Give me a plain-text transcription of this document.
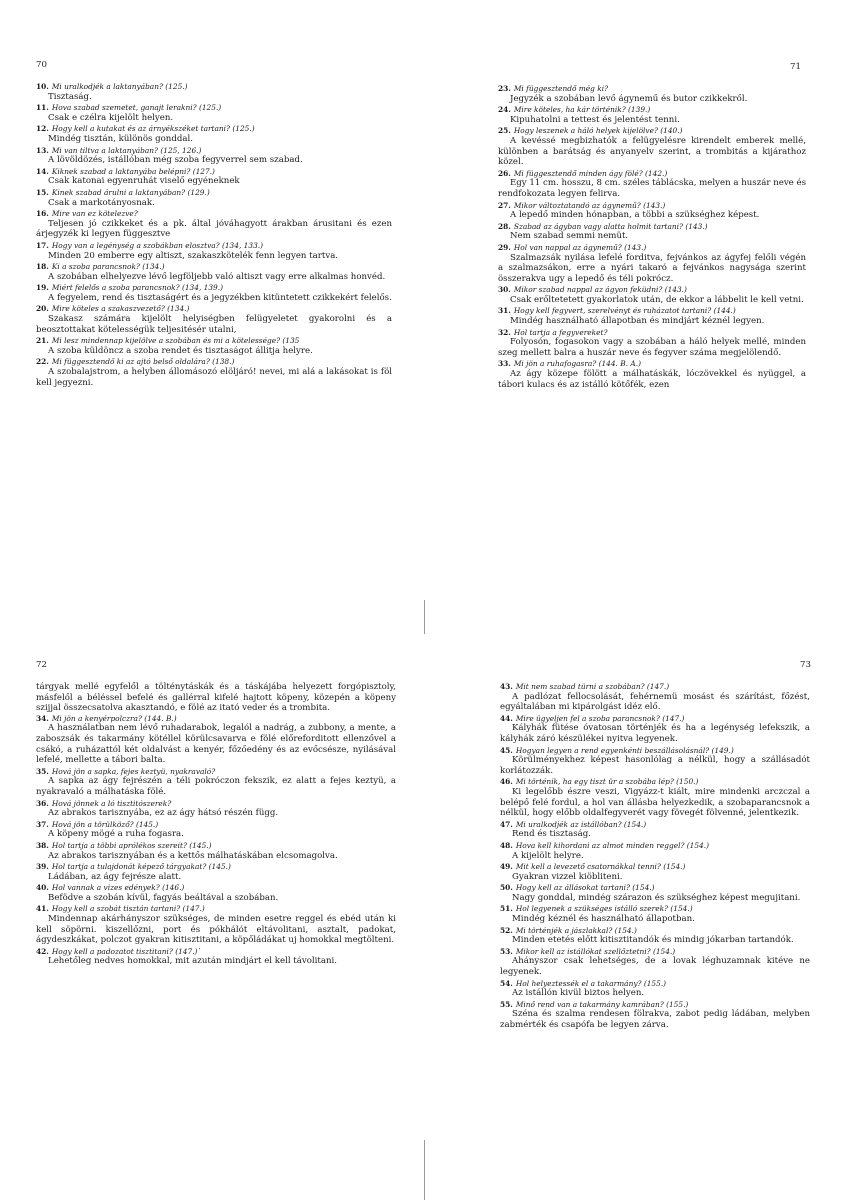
70	71
72	73

10. Mi uralkodjék a laktanyában? (125.)

Tisztaság.

11. Hova szabad szemetet, ganajt lerakni? (125.)

Csak e czélra kijelölt helyen.

12. Hogy kell a kutakat és az árnyékszéket tartani? (125.)

Mindég tisztán, különös gonddal.

13. Mi van tiltva a laktanyában? (125, 126.)

A lövöldözés, istállóban még szoba fegyverrel sem szabad.

14. Kiknek szabad a laktanyába belépni? (127.)

Csak katonai egyenruhát viselő egyéneknek

15. Kinek szabad árulni a laktanyában? (129.)

Csak a markotányosnak.

16. Mire van ez kötelezve?

Teljesen jó czikkeket és a pk. által jóváhagyott árakban árusitani és ezen árjegyzék ki legyen függesztve

17. Hogy van a legénység a szobákban elosztva? (134, 133.)

Minden 20 emberre egy altiszt, szakaszkötelék fenn legyen tartva.

18. Ki a szoba parancsnok? (134.)

A szobában elhelyezve lévő legföljebb való altiszt vagy erre alkalmas honvéd.

19. Miért felelős a szoba parancsnok? (134, 139.)

A fegyelem, rend és tisztaságért és a jegyzékben kitüntetett czikkekért felelős.

20. Mire köteles a szakaszvezető? (134.)

Szakasz számára kijelölt helyiségben felügyeletet gyakorolni és a beosztottakat kötelességük teljesitésér utalni,

21. Mi lesz mindennap kijelölve a szobában és mi a kötelessége? (135

A szoba küldöncz a szoba rendet és tisztaságot állitja helyre.

22. Mi függesztendő ki az ajtó belső oldalára? (138.)

A szobalajstrom, a helyben állomásozó elöljáró! nevei, mi alá a lakásokat is föl kell jegyezni.

23. Mi függesztendő még ki?

Jegyzék a szobában levő ágynemű és butor czikkekről.

24. Mire köteles, ha kár történik? (139.)

Kipuhatolni a tettest és jelentést tenni.

25. Hogy leszenek a háló helyek kijelölve? (140.)

A kevéssé megbizhatók a felügyelésre kirendelt emberek mellé, különben a barátság és anyanyelv szerint, a trombitás a kijárathoz közel.

26. Mi függesztendő minden ágy fölé? (142.)

Egy 11 cm. hosszu, 8 cm. széles táblácska, melyen a huszár neve és rendfokozata legyen felirva.

27. Mikor változtatandó az ágynemű? (143.)

A lepedő minden hónapban, a többi a szükséghez képest.

28. Szabad az ágyban vagy alatta holmit tartani? (143.)

Nem szabad semmi nemüt.

29. Hol van nappal az ágynemű? (143.)

Szalmazsák nyilása lefelé forditva, fejvánkos az ágyfej felőli végén a szalmazsákon, erre a nyári takaró a fejvánkos nagysága szerint összerakva ugy a lepedő és téli pokrócz.

30. Mikor szabad nappal az ágyon feküdni? (143.)

Csak erőltetetett gyakorlatok után, de ekkor a lábbelit le kell vetni.

31. Hogy kell fegyvert, szerelvényt és ruházatot tartani? (144.)

Mindég használható állapotban és mindjárt kéznél legyen.

32. Hol tartja a fegyvereket?

Folyosón, fogasokon vagy a szobában a háló helyek mellé, minden szeg mellett balra a huszár neve és fegyver száma megjelölendő.

33. Mi jön a ruhafogasra? (144. B. A.)

Az ágy közepe fölött a málhatáskák, lóczövekkel és nyüggel, a tábori kulacs és az istálló kötőfék, ezen

tárgyak mellé egyfelől a tölténytáskák és a táskájába helyezett forgópisztoly, másfelől a béléssel befelé és gallérral kifelé hajtott köpeny, közepén a köpeny szijjal összecsatolva akasztandó, e fölé az itató veder és a trombita.

34. Mi jön a kenyérpolczra? (144. B.)

A használatban nem lévő ruhadarabok, legalól a nadrág, a zubbony, a mente, a zaboszsák és takarmány kötéllel körülcsavarva e fölé előreforditott ellenzővel a csákó, a ruházattól két oldalvást a kenyér, főzőedény és az evőcsésze, nyilásával lefelé, mellette a tábori balta.

35. Hová jön a sapka, fejes keztyü, nyakravaló?

A sapka az ágy fejrészén a téli pokróczon fekszik, ez alatt a fejes keztyü, a nyakravaló a málhatáska fölé.

36. Hová jönnek a ló tisztitószerek?

Az abrakos tarisznyába, ez az ágy hátsó részén függ.

37. Hová jön a törülköző? (145.)

A köpeny mögé a ruha fogasra.

38. Hol tartja a többi aprólékos szereit? (145.)

Az abrakos tarisznyában és a kettős málhatáskában elcsomagolva.

39. Hol tartja a tulajdonát képező tárgyakat? (145.)

Ládában, az ágy fejrésze alatt.

40. Hol vannak a vizes edények? (146.)

Befödve a szobán kívül, fagyás beáltával a szobában.

41. Hogy kell a szobát tisztán tartani? (147.)

Mindennap akárhányszor szükséges, de minden esetre reggel és ebéd után ki kell söpörni. kiszellőzni, port és pókhálót eltávolitani, asztalt, padokat, ágydeszkákat, polczot gyakran kitisztitani, a köpőládákat uj homokkal megtölteni.

42. Hogy kell a padozatot tisztitani? (147.)`

Lehetőleg nedves homokkal, mit azután mindjárt el kell távolitani.

43. Mit nem szabad türni a szobában? (147.)

A padlózat fellocsolását, fehérnemü mosást és szárítást, főzést, egyáltalában mi kipárolgást idéz elő.

44. Mire ügyeljen fel a szoba parancsnok? (147.)

Kályhák fütése óvatosan történjék és ha a legénység lefekszik, a kályhák záró készülékei nyitva legyenek.

45. Hogyan legyen a rend egyenkénti beszállásolásnál? (149.)

Körülményekhez képest hasonlólag a nélkül, hogy a szállásadót korlátozzák.

46. Mi történik, ha egy tiszt ür a szobába lép? (150.)

Ki legelőbb észre veszi, Vigyázz-t kiált, mire mindenki arczczal a belépő felé fordul, a hol van állásba helyezkedik, a szobaparancsnok a nélkül, hogy előbb oldalfegyverét vagy fövegét fölvenné, jelentkezik.

47. Mi uralkodjék az istállóban? (154.)

Rend és tisztaság.

48. Hova kell kihordani az almot minden reggel? (154.)

A kijelölt helyre.

49. Mit kell a levezető csatornákkal tenni? (154.)

Gyakran vizzel kiöbliteni.

50. Hogy kell az állásokat tartani? (154.)

Nagy gonddal, mindég szárazon és szükséghez képest megujitani.

51. Hol legyenek a szükséges istálló szerek? (154.)

Mindég kéznél és használható állapotban.

52. Mi történjék a jászlakkal? (154.)

Minden etetés előtt kitisztitandók és mindig jókarban tartandók.

53. Mikor kell az istállókat szellőztetni? (154.)

Ahányszor csak lehetséges, de a lovak léghuzamnak kitéve ne legyenek.

54. Hol helyeztessék el a takarmány? (155.)

Az istállón kivül biztos helyen.

55. Minő rend van a takarmány kamrában? (155.)

Széna és szalma rendesen fölrakva, zabot pedig ládában, melyben zabmérték és csapófa be legyen zárva.
